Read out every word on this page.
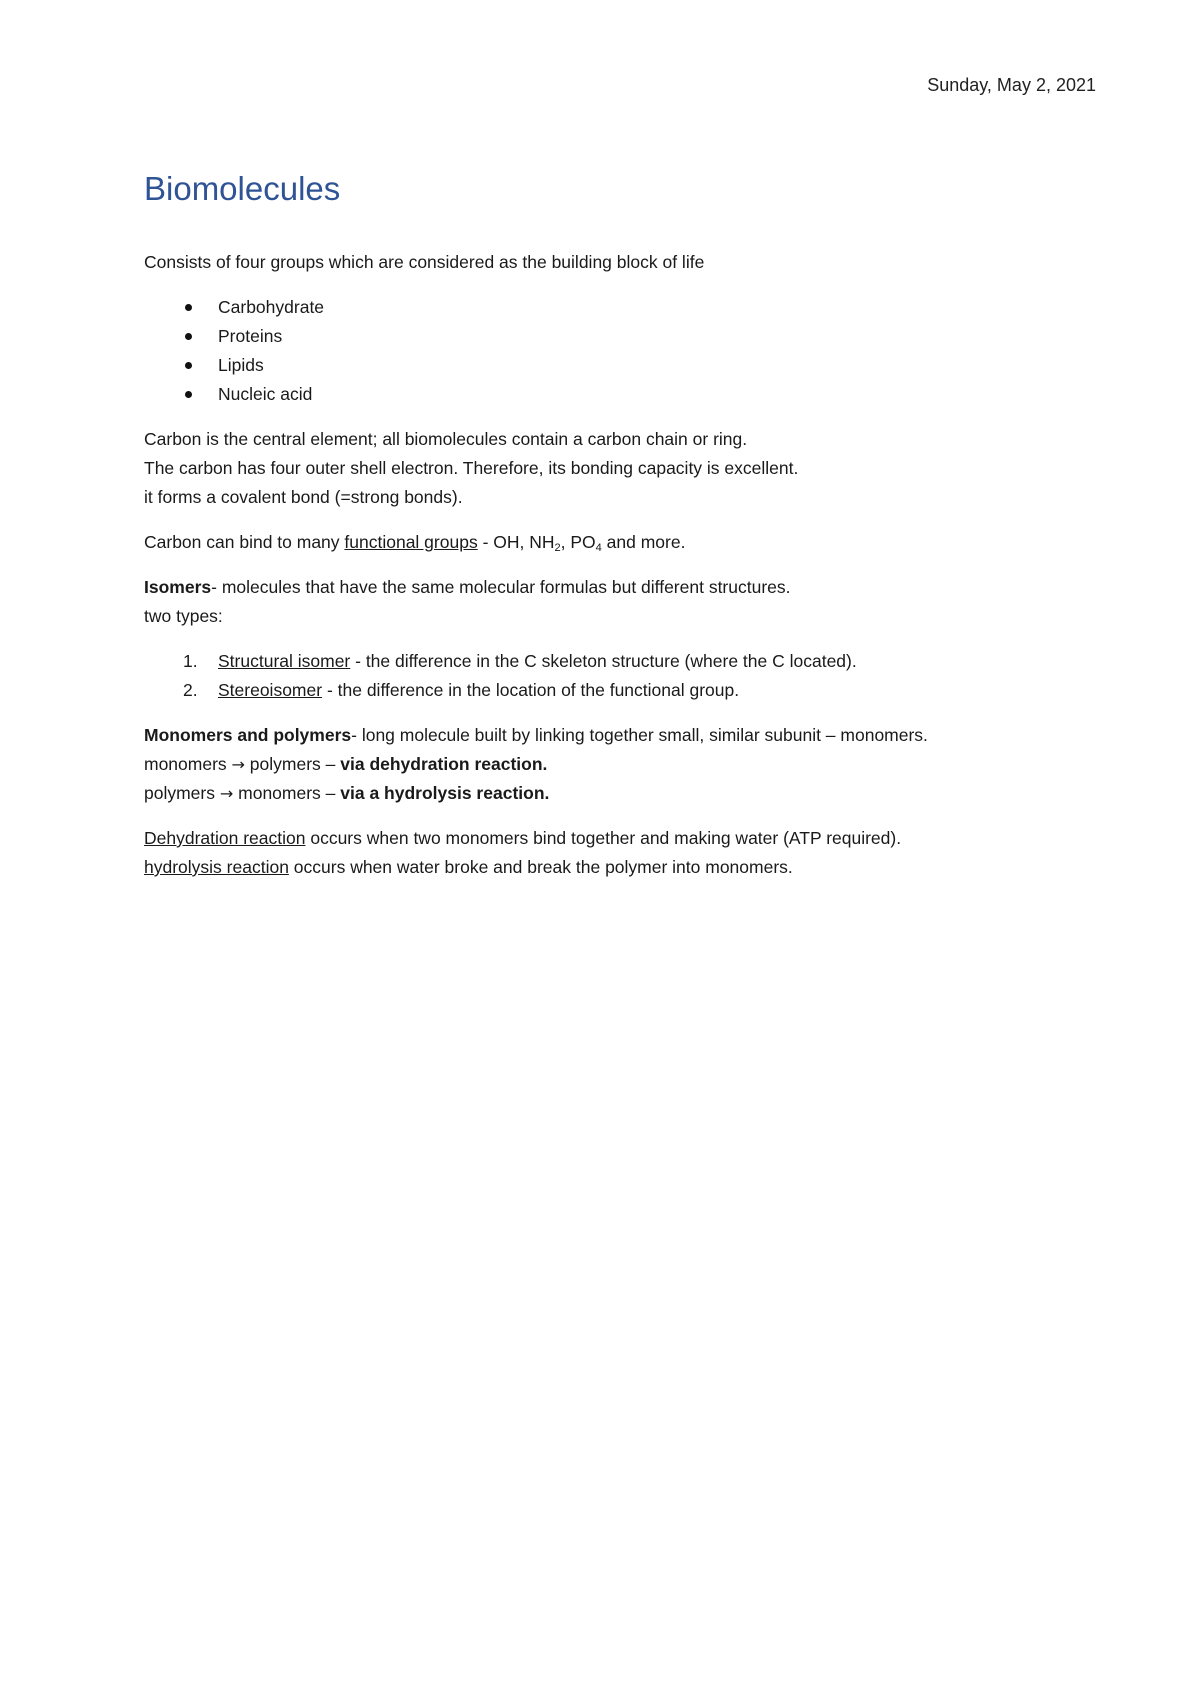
Sunday, May 2, 2021
Biomolecules

Consists of four groups which are considered as the building block of life

Carbohydrate
Proteins
Lipids
Nucleic acid

Carbon is the central element; all biomolecules contain a carbon chain or ring.
The carbon has four outer shell electron. Therefore, its bonding capacity is excellent.
it forms a covalent bond (=strong bonds).

Carbon can bind to many functional groups - OH, $NH_2$, $PO_4$ and more.

Isomers- molecules that have the same molecular formulas but different structures.
two types:

1. Structural isomer - the difference in the C skeleton structure (where the C located).
2. Stereoisomer - the difference in the location of the functional group.

Monomers and polymers- long molecule built by linking together small, similar subunit – monomers.
monomers → polymers – via dehydration reaction.
polymers → monomers – via a hydrolysis reaction.

Dehydration reaction occurs when two monomers bind together and making water (ATP required).
hydrolysis reaction occurs when water broke and break the polymer into monomers.
